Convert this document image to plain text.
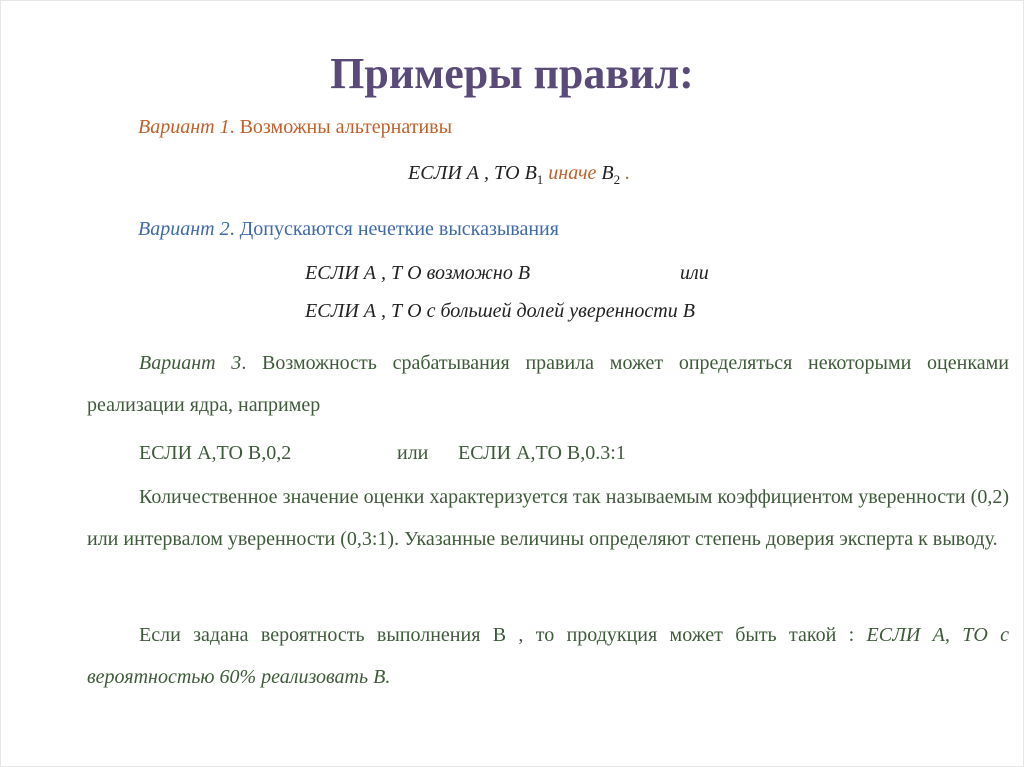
Примеры правил:
Вариант 1. Возможны альтернативы
ЕСЛИ А , ТО $В_1$ иначе $В_2$ .
Вариант 2. Допускаются нечеткие высказывания
ЕСЛИ А , Т О возможно В	или
ЕСЛИ А , Т О с большей долей уверенности В
Вариант 3. Возможность срабатывания правила может определяться некоторыми оценками реализации ядра, например
ЕСЛИ А,ТО В,0,2	или ЕСЛИ А,ТО В,0.3:1
Количественное значение оценки характеризуется так называемым коэффициентом уверенности (0,2) или интервалом уверенности (0,3:1). Указанные величины определяют степень доверия эксперта к выводу.
Если задана вероятность выполнения В , то продукция может быть такой : ЕСЛИ А, ТО с вероятностью 60% реализовать В.
